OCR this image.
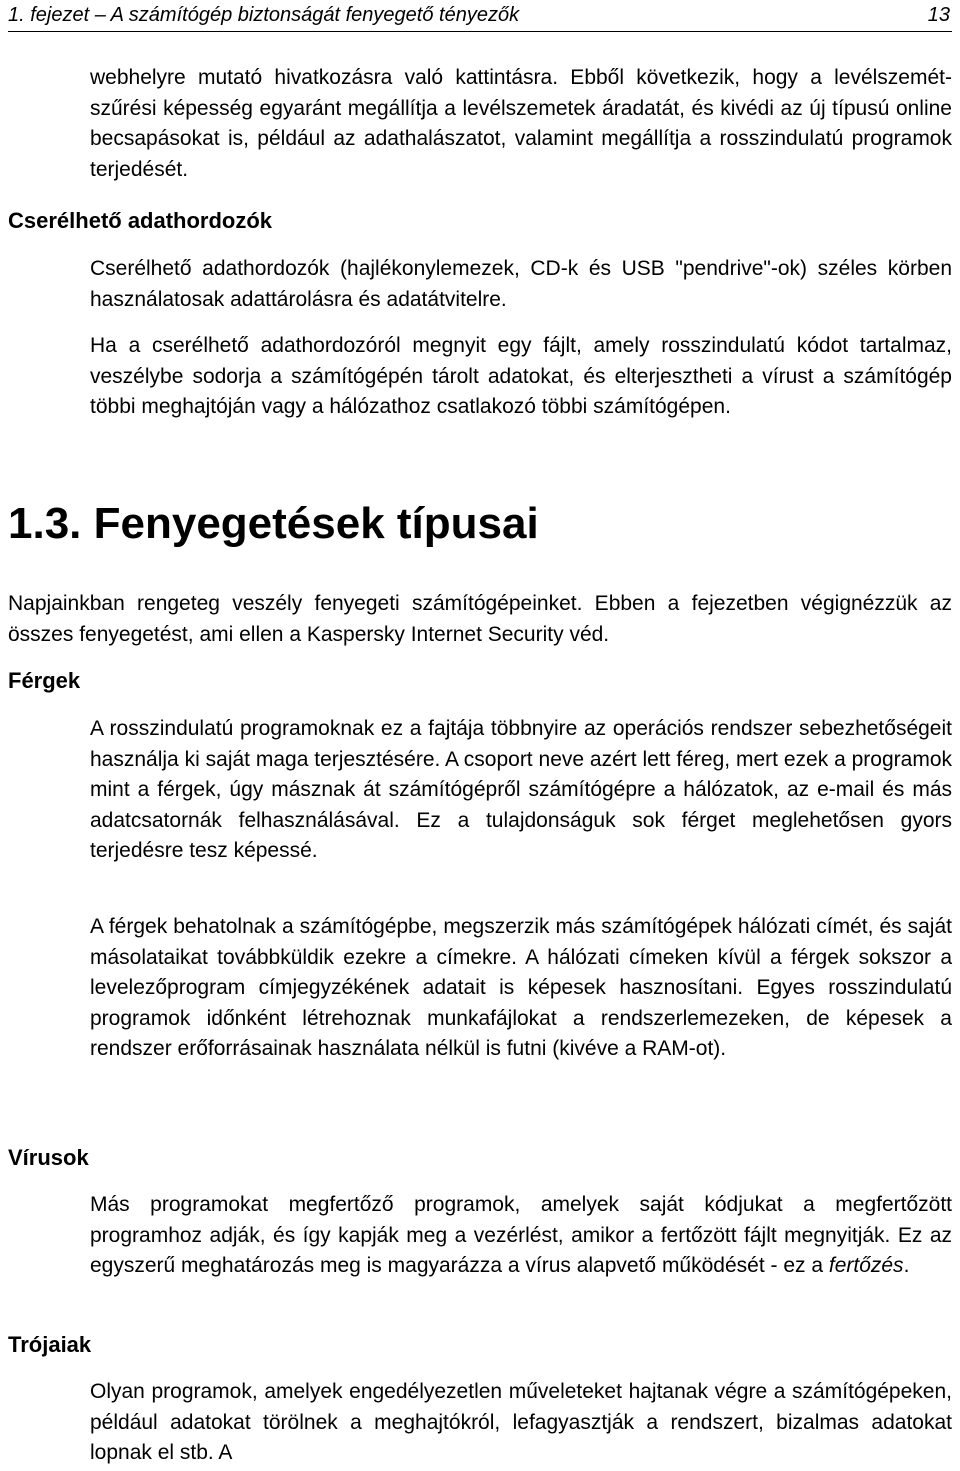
1. fejezet – A számítógép biztonságát fenyegető tényezők	13

webhelyre mutató hivatkozásra való kattintásra. Ebből következik, hogy a levélszemét-szűrési képesség egyaránt megállítja a levélszemetek áradatát, és kivédi az új típusú online becsapásokat is, például az adathalászatot, valamint megállítja a rosszindulatú programok terjedését.

Cserélhető adathordozók

Cserélhető adathordozók (hajlékonylemezek, CD-k és USB "pendrive"-ok) széles körben használatosak adattárolásra és adatátvitelre.

Ha a cserélhető adathordozóról megnyit egy fájlt, amely rosszindulatú kódot tartalmaz, veszélybe sodorja a számítógépén tárolt adatokat, és elterjesztheti a vírust a számítógép többi meghajtóján vagy a hálózathoz csatlakozó többi számítógépen.

1.3. Fenyegetések típusai

Napjainkban rengeteg veszély fenyegeti számítógépeinket. Ebben a fejezetben végignézzük az összes fenyegetést, ami ellen a Kaspersky Internet Security véd.

Férgek

A rosszindulatú programoknak ez a fajtája többnyire az operációs rendszer sebezhetőségeit használja ki saját maga terjesztésére. A csoport neve azért lett féreg, mert ezek a programok mint a férgek, úgy másznak át számítógépről számítógépre a hálózatok, az e-mail és más adatcsatornák felhasználásával. Ez a tulajdonságuk sok férget meglehetősen gyors terjedésre tesz képessé.

A férgek behatolnak a számítógépbe, megszerzik más számítógépek hálózati címét, és saját másolataikat továbbküldik ezekre a címekre. A hálózati címeken kívül a férgek sokszor a levelezőprogram címjegyzékének adatait is képesek hasznosítani. Egyes rosszindulatú programok időnként létrehoznak munkafájlokat a rendszerlemezeken, de képesek a rendszer erőforrásainak használata nélkül is futni (kivéve a RAM-ot).

Vírusok

Más programokat megfertőző programok, amelyek saját kódjukat a megfertőzött programhoz adják, és így kapják meg a vezérlést, amikor a fertőzött fájlt megnyitják. Ez az egyszerű meghatározás meg is magyarázza a vírus alapvető működését - ez a fertőzés.

Trójaiak

Olyan programok, amelyek engedélyezetlen műveleteket hajtanak végre a számítógépeken, például adatokat törölnek a meghajtókról, lefagyasztják a rendszert, bizalmas adatokat lopnak el stb. A
